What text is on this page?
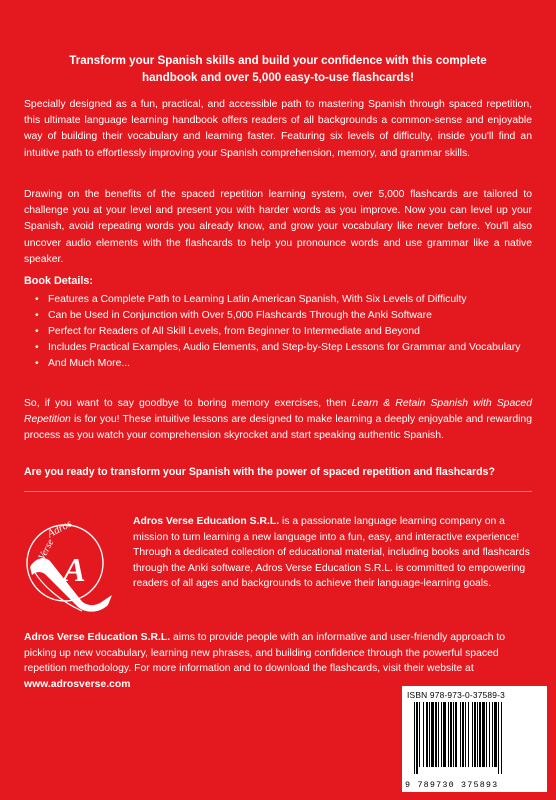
Transform your Spanish skills and build your confidence with this complete
handbook and over 5,000 easy-to-use flashcards!
Specially designed as a fun, practical, and accessible path to mastering Spanish through spaced repetition, this ultimate language learning handbook offers readers of all backgrounds a common-sense and enjoyable way of building their vocabulary and learning faster. Featuring six levels of difficulty, inside you'll find an intuitive path to effortlessly improving your Spanish comprehension, memory, and grammar skills.
Drawing on the benefits of the spaced repetition learning system, over 5,000 flashcards are tailored to challenge you at your level and present you with harder words as you improve. Now you can level up your Spanish, avoid repeating words you already know, and grow your vocabulary like never before. You'll also uncover audio elements with the flashcards to help you pronounce words and use grammar like a native speaker.
Book Details:
• Features a Complete Path to Learning Latin American Spanish, With Six Levels of Difficulty
• Can be Used in Conjunction with Over 5,000 Flashcards Through the Anki Software
• Perfect for Readers of All Skill Levels, from Beginner to Intermediate and Beyond
• Includes Practical Examples, Audio Elements, and Step-by-Step Lessons for Grammar and Vocabulary
• And Much More...
So, if you want to say goodbye to boring memory exercises, then Learn & Retain Spanish with Spaced Repetition is for you! These intuitive lessons are designed to make learning a deeply enjoyable and rewarding process as you watch your comprehension skyrocket and start speaking authentic Spanish.
Are you ready to transform your Spanish with the power of spaced repetition and flashcards?
Adros
Verse
A
Adros Verse Education S.R.L. is a passionate language learning company on a mission to turn learning a new language into a fun, easy, and interactive experience! Through a dedicated collection of educational material, including books and flashcards through the Anki software, Adros Verse Education S.R.L. is committed to empowering readers of all ages and backgrounds to achieve their language-learning goals.
Adros Verse Education S.R.L. aims to provide people with an informative and user-friendly approach to picking up new vocabulary, learning new phrases, and building confidence through the powerful spaced repetition methodology. For more information and to download the flashcards, visit their website at www.adrosverse.com
ISBN 978-973-0-37589-3
9 789730 375893
